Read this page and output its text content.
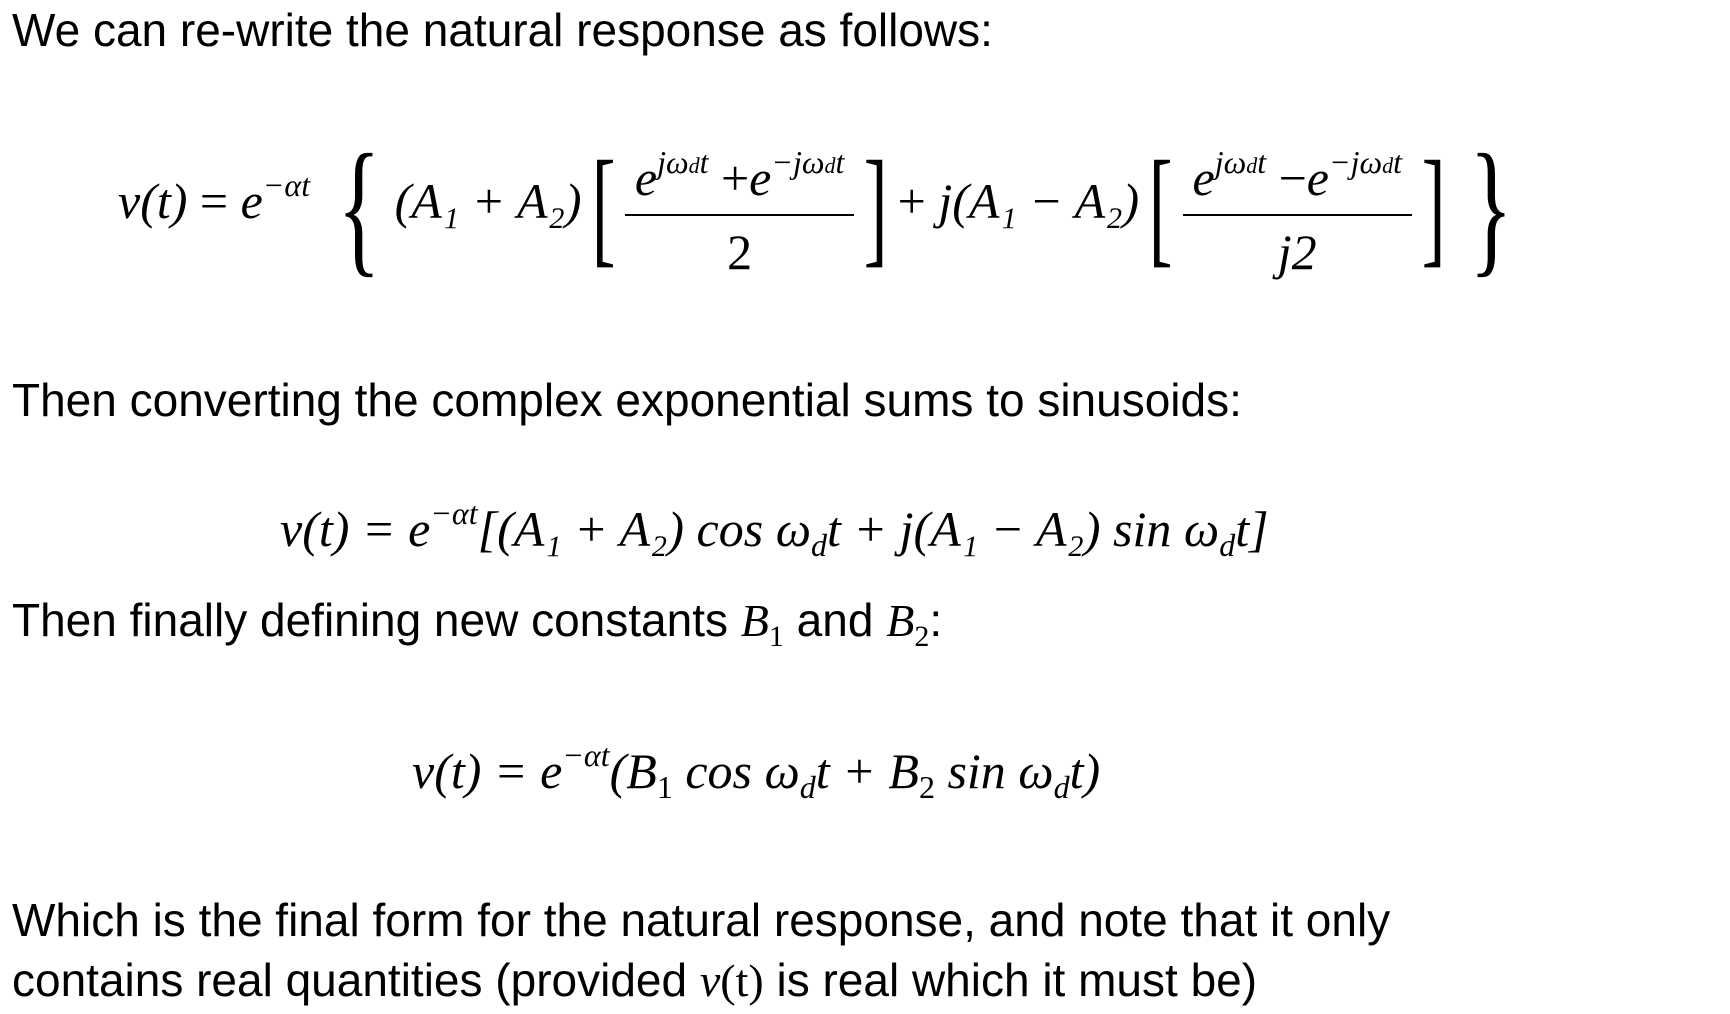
We can re-write the natural response as follows:

$v(t) = e^{-\alpha t}$ { $(A_1 + A_2)[ \frac{e^{j\omega dt} +e^{-j\omega dt}}{2}$ ] + $j(A_1 - A_2)[ \frac{e^{j\omega dt} -e^{-j\omega dt}}{j2}$ ] }

Then converting the complex exponential sums to sinusoids:

$v(t) = e^{-\alpha t}[(A_1 + A_2)$ $\cos \omega_dt + j(A_1 - A_2)$ $\sin \omega_dt$]

Then finally defining new constants $B_1$ and $B_2$:

$v(t) = e^{-\alpha t}(B_1$ $\cos \omega_dt + B_2$ $\sin \omega_dt$)

Which is the final form for the natural response, and note that it only

contains real quantities (provided v(t) is real which it must be)
